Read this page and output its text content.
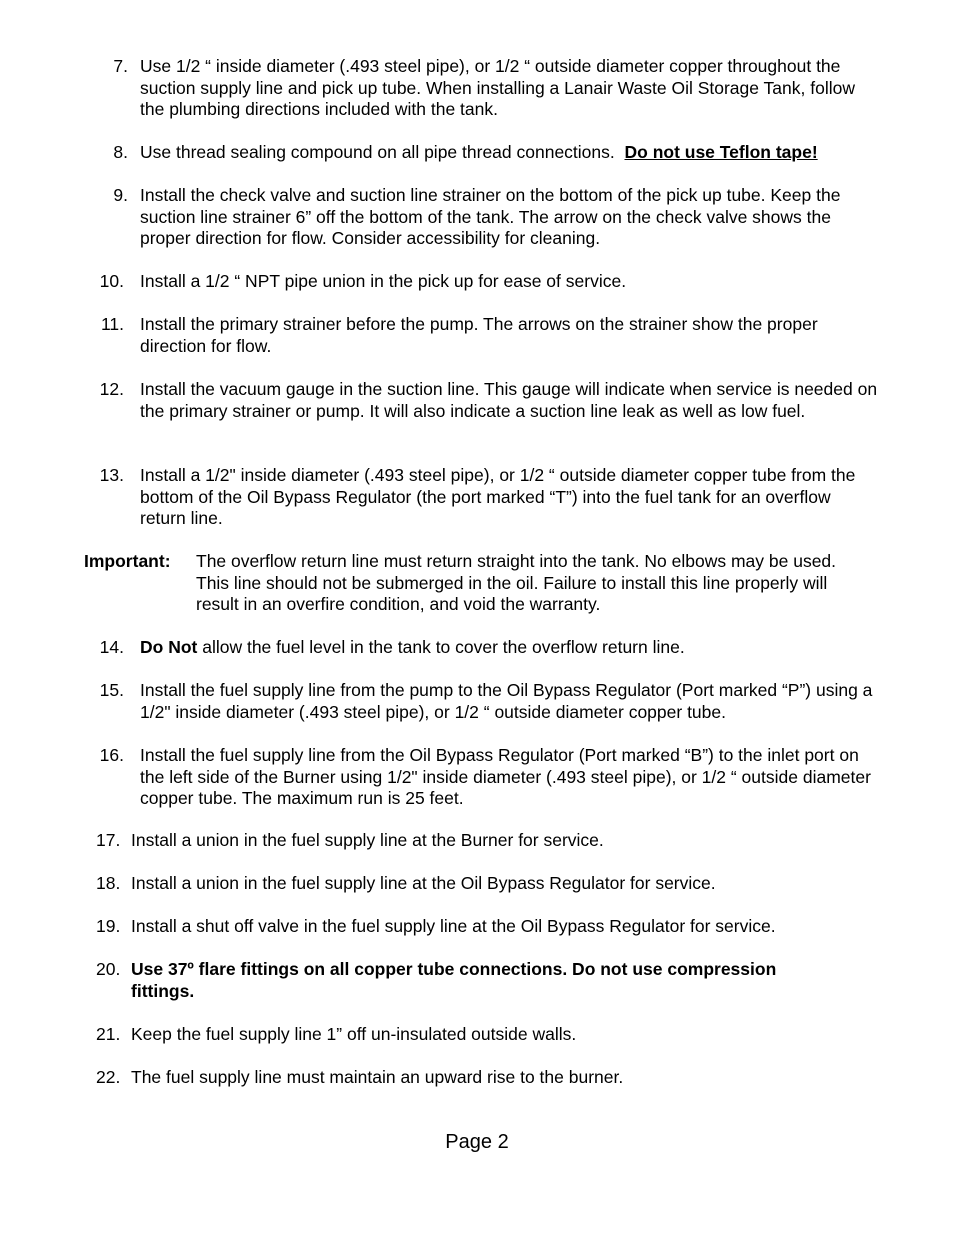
7. Use 1/2 “ inside diameter (.493 steel pipe), or 1/2 “ outside diameter copper throughout the suction supply line and pick up tube. When installing a Lanair Waste Oil Storage Tank, follow the plumbing directions included with the tank.
8. Use thread sealing compound on all pipe thread connections. Do not use Teflon tape!
9. Install the check valve and suction line strainer on the bottom of the pick up tube. Keep the suction line strainer 6” off the bottom of the tank. The arrow on the check valve shows the proper direction for flow. Consider accessibility for cleaning.
10. Install a 1/2 “ NPT pipe union in the pick up for ease of service.
11. Install the primary strainer before the pump. The arrows on the strainer show the proper direction for flow.
12. Install the vacuum gauge in the suction line. This gauge will indicate when service is needed on the primary strainer or pump. It will also indicate a suction line leak as well as low fuel.
13. Install a 1/2" inside diameter (.493 steel pipe), or 1/2 “ outside diameter copper tube from the bottom of the Oil Bypass Regulator (the port marked “T”) into the fuel tank for an overflow return line.
Important: The overflow return line must return straight into the tank. No elbows may be used. This line should not be submerged in the oil. Failure to install this line properly will result in an overfire condition, and void the warranty.
14. Do Not allow the fuel level in the tank to cover the overflow return line.
15. Install the fuel supply line from the pump to the Oil Bypass Regulator (Port marked “P”) using a 1/2" inside diameter (.493 steel pipe), or 1/2 “ outside diameter copper tube.
16. Install the fuel supply line from the Oil Bypass Regulator (Port marked “B”) to the inlet port on the left side of the Burner using 1/2" inside diameter (.493 steel pipe), or 1/2 “ outside diameter copper tube. The maximum run is 25 feet.
17. Install a union in the fuel supply line at the Burner for service.
18. Install a union in the fuel supply line at the Oil Bypass Regulator for service.
19. Install a shut off valve in the fuel supply line at the Oil Bypass Regulator for service.
20. Use 37º flare fittings on all copper tube connections. Do not use compression fittings.
21. Keep the fuel supply line 1” off un-insulated outside walls.
22. The fuel supply line must maintain an upward rise to the burner.
Page 2
